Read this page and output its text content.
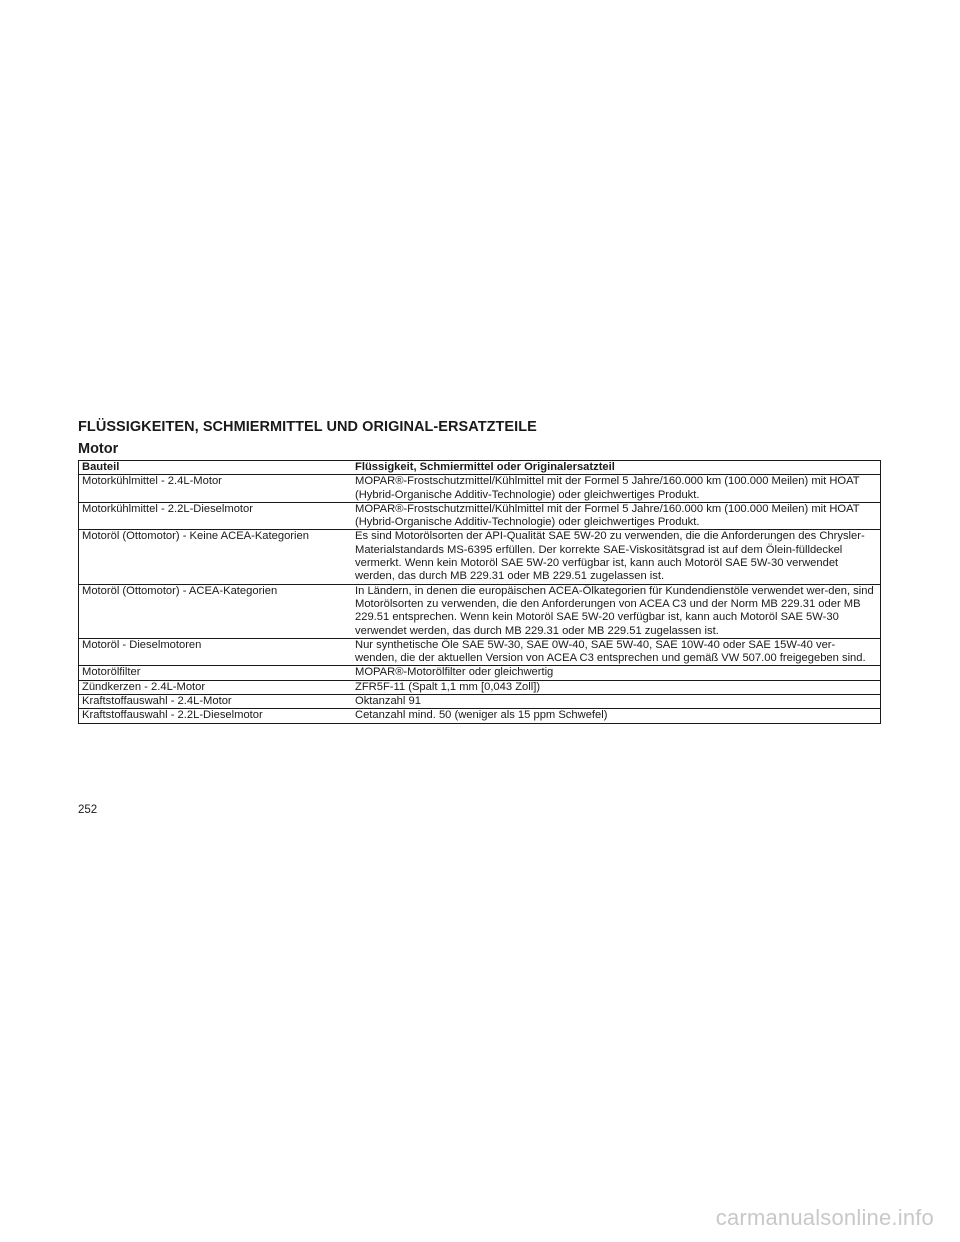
FLÜSSIGKEITEN, SCHMIERMITTEL UND ORIGINAL-ERSATZTEILE
Motor
Bauteil	Flüssigkeit, Schmiermittel oder Originalersatzteil
Motorkühlmittel - 2.4L-Motor	MOPAR®-Frostschutzmittel/Kühlmittel mit der Formel 5 Jahre/160.000 km (100.000 Meilen) mit HOAT (Hybrid-Organische Additiv-Technologie) oder gleichwertiges Produkt.
Motorkühlmittel - 2.2L-Dieselmotor	MOPAR®-Frostschutzmittel/Kühlmittel mit der Formel 5 Jahre/160.000 km (100.000 Meilen) mit HOAT (Hybrid-Organische Additiv-Technologie) oder gleichwertiges Produkt.
Motoröl (Ottomotor) - Keine ACEA-Kategorien	Es sind Motorölsorten der API-Qualität SAE 5W-20 zu verwenden, die die Anforderungen des Chrysler-Materialstandards MS-6395 erfüllen. Der korrekte SAE-Viskositätsgrad ist auf dem Ölein-fülldeckel vermerkt. Wenn kein Motoröl SAE 5W-20 verfügbar ist, kann auch Motoröl SAE 5W-30 verwendet werden, das durch MB 229.31 oder MB 229.51 zugelassen ist.
Motoröl (Ottomotor) - ACEA-Kategorien	In Ländern, in denen die europäischen ACEA-Ölkategorien für Kundendienstöle verwendet wer-den, sind Motorölsorten zu verwenden, die den Anforderungen von ACEA C3 und der Norm MB 229.31 oder MB 229.51 entsprechen. Wenn kein Motoröl SAE 5W-20 verfügbar ist, kann auch Motoröl SAE 5W-30 verwendet werden, das durch MB 229.31 oder MB 229.51 zugelassen ist.
Motoröl - Dieselmotoren	Nur synthetische Öle SAE 5W-30, SAE 0W-40, SAE 5W-40, SAE 10W-40 oder SAE 15W-40 ver-wenden, die der aktuellen Version von ACEA C3 entsprechen und gemäß VW 507.00 freigegeben sind.
Motorölfilter	MOPAR®-Motorölfilter oder gleichwertig
Zündkerzen - 2.4L-Motor	ZFR5F-11 (Spalt 1,1 mm [0,043 Zoll])
Kraftstoffauswahl - 2.4L-Motor	Oktanzahl 91
Kraftstoffauswahl - 2.2L-Dieselmotor	Cetanzahl mind. 50 (weniger als 15 ppm Schwefel)

252

carmanualsonline.info
